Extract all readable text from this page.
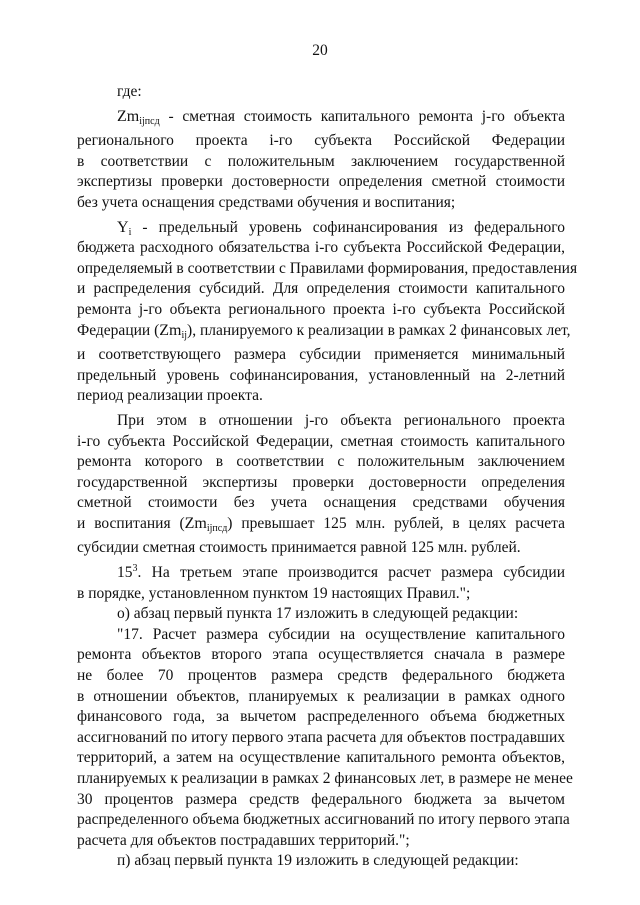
20
где:
$Zm_{ijпсд}$ - сметная стоимость капитального ремонта j-го объекта
регионального проекта i-го субъекта Российской Федерации
в соответствии с положительным заключением государственной
экспертизы проверки достоверности определения сметной стоимости
без учета оснащения средствами обучения и воспитания;
$Y_i$ - предельный уровень софинансирования из федерального
бюджета расходного обязательства i-го субъекта Российской Федерации,
определяемый в соответствии с Правилами формирования, предоставления
и распределения субсидий. Для определения стоимости капитального
ремонта j-го объекта регионального проекта i-го субъекта Российской
Федерации $(Zm_{ij})$, планируемого к реализации в рамках 2 финансовых лет,
и соответствующего размера субсидии применяется минимальный
предельный уровень софинансирования, установленный на 2-летний
период реализации проекта.
При этом в отношении j-го объекта регионального проекта
i-го субъекта Российской Федерации, сметная стоимость капитального
ремонта которого в соответствии с положительным заключением
государственной экспертизы проверки достоверности определения
сметной стоимости без учета оснащения средствами обучения
и воспитания $(Zm_{ijпсд})$ превышает 125 млн. рублей, в целях расчета
субсидии сметная стоимость принимается равной 125 млн. рублей.
$15^3$. На третьем этапе производится расчет размера субсидии
в порядке, установленном пунктом 19 настоящих Правил.";
о) абзац первый пункта 17 изложить в следующей редакции:
"17. Расчет размера субсидии на осуществление капитального
ремонта объектов второго этапа осуществляется сначала в размере
не более 70 процентов размера средств федерального бюджета
в отношении объектов, планируемых к реализации в рамках одного
финансового года, за вычетом распределенного объема бюджетных
ассигнований по итогу первого этапа расчета для объектов пострадавших
территорий, а затем на осуществление капитального ремонта объектов,
планируемых к реализации в рамках 2 финансовых лет, в размере не менее
30 процентов размера средств федерального бюджета за вычетом
распределенного объема бюджетных ассигнований по итогу первого этапа
расчета для объектов пострадавших территорий.";
п) абзац первый пункта 19 изложить в следующей редакции:
